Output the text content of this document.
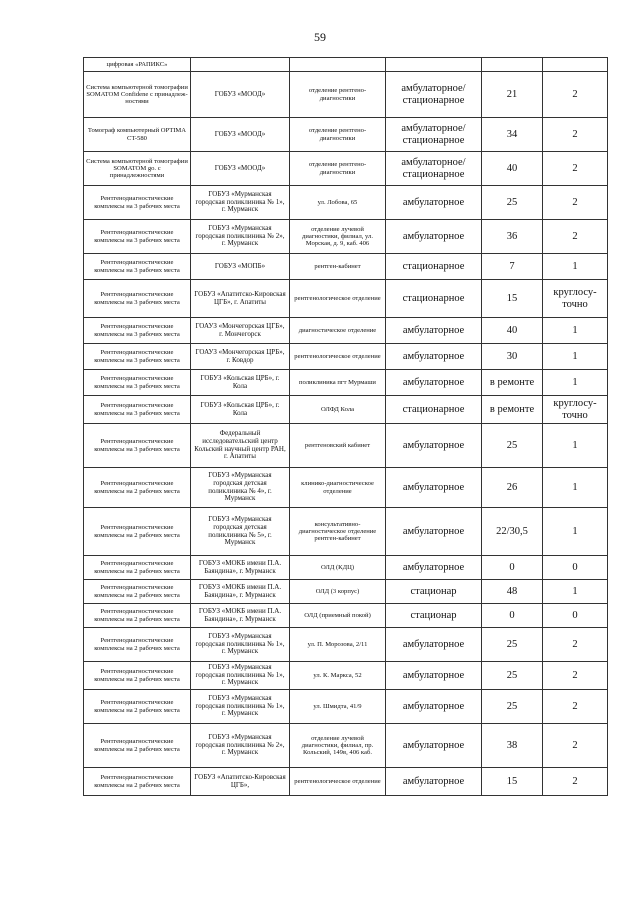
59
цифровая «РАПИКС»					
Система компьютерной томографии SOMATOM Confidene с принадлеж-ностями	ГОБУЗ «МООД»	отделение рентгено-диагностики	амбулаторное/ стационарное	21	2
Томограф компьютерный OPTIMA CT-580	ГОБУЗ «МООД»	отделение рентгено-диагностики	амбулаторное/ стационарное	34	2
Система компьютерной томографии SOMATOM go. с принадлежностями	ГОБУЗ «МООД»	отделение рентгено-диагностики	амбулаторное/ стационарное	40	2
Рентгенодиагностические комплексы на 3 рабочих места	ГОБУЗ «Мурманская городская поликлиника № 1», г. Мурманск	ул. Лобова, 65	амбулаторное	25	2
Рентгенодиагностические комплексы на 3 рабочих места	ГОБУЗ «Мурманская городская поликлиника № 2», г. Мурманск	отделение лучевой диагностики, филиал, ул. Морская, д. 9, каб. 406	амбулаторное	36	2
Рентгенодиагностические комплексы на 3 рабочих места	ГОБУЗ «МОПБ»	рентген-кабинет	стационарное	7	1
Рентгенодиагностические комплексы на 3 рабочих места	ГОБУЗ «Апатитско-Кировская ЦГБ», г. Апатиты	рентгенологическое отделение	стационарное	15	круглосу-точно
Рентгенодиагностические комплексы на 3 рабочих места	ГОАУЗ «Мончегорская ЦГБ», г. Мончегорск	диагностическое отделение	амбулаторное	40	1
Рентгенодиагностические комплексы на 3 рабочих места	ГОАУЗ «Мончегорская ЦРБ», г. Ковдор	рентгенологическое отделение	амбулаторное	30	1
Рентгенодиагностические комплексы на 3 рабочих места	ГОБУЗ «Кольская ЦРБ», г. Кола	поликлиника пгт Мурмаши	амбулаторное	в ремонте	1
Рентгенодиагностические комплексы на 3 рабочих места	ГОБУЗ «Кольская ЦРБ», г. Кола	ОЛФД Кола	стационарное	в ремонте	круглосу-точно
Рентгенодиагностические комплексы на 3 рабочих места	Федеральный исследовательский центр Кольский научный центр РАН, г. Апатиты	рентгеновский кабинет	амбулаторное	25	1
Рентгенодиагностические комплексы на 2 рабочих места	ГОБУЗ «Мурманская городская детская поликлиника № 4», г. Мурманск	клинико-диагностическое отделение	амбулаторное	26	1
Рентгенодиагностические комплексы на 2 рабочих места	ГОБУЗ «Мурманская городская детская поликлиника № 5», г. Мурманск	консультативно-диагностическое отделение рентген-кабинет	амбулаторное	22/30,5	1
Рентгенодиагностические комплексы на 2 рабочих места	ГОБУЗ «МОКБ имени П.А. Баяндина», г. Мурманск	ОЛД (КДЦ)	амбулаторное	0	0
Рентгенодиагностические комплексы на 2 рабочих места	ГОБУЗ «МОКБ имени П.А. Баяндина», г. Мурманск	ОЛД (3 корпус)	стационар	48	1
Рентгенодиагностические комплексы на 2 рабочих места	ГОБУЗ «МОКБ имени П.А. Баяндина», г. Мурманск	ОЛД (приемный покой)	стационар	0	0
Рентгенодиагностические комплексы на 2 рабочих места	ГОБУЗ «Мурманская городская поликлиника № 1», г. Мурманск	ул. П. Морозова, 2/11	амбулаторное	25	2
Рентгенодиагностические комплексы на 2 рабочих места	ГОБУЗ «Мурманская городская поликлиника № 1», г. Мурманск	ул. К. Маркса, 52	амбулаторное	25	2
Рентгенодиагностические комплексы на 2 рабочих места	ГОБУЗ «Мурманская городская поликлиника № 1», г. Мурманск	ул. Шмидта, 41/9	амбулаторное	25	2
Рентгенодиагностические комплексы на 2 рабочих места	ГОБУЗ «Мурманская городская поликлиника № 2», г. Мурманск	отделение лучевой диагностики, филиал, пр. Кольский, 149в, 406 каб.	амбулаторное	38	2
Рентгенодиагностические комплексы на 2 рабочих места	ГОБУЗ «Апатитско-Кировская ЦГБ»,	рентгенологическое отделение	амбулаторное	15	2
